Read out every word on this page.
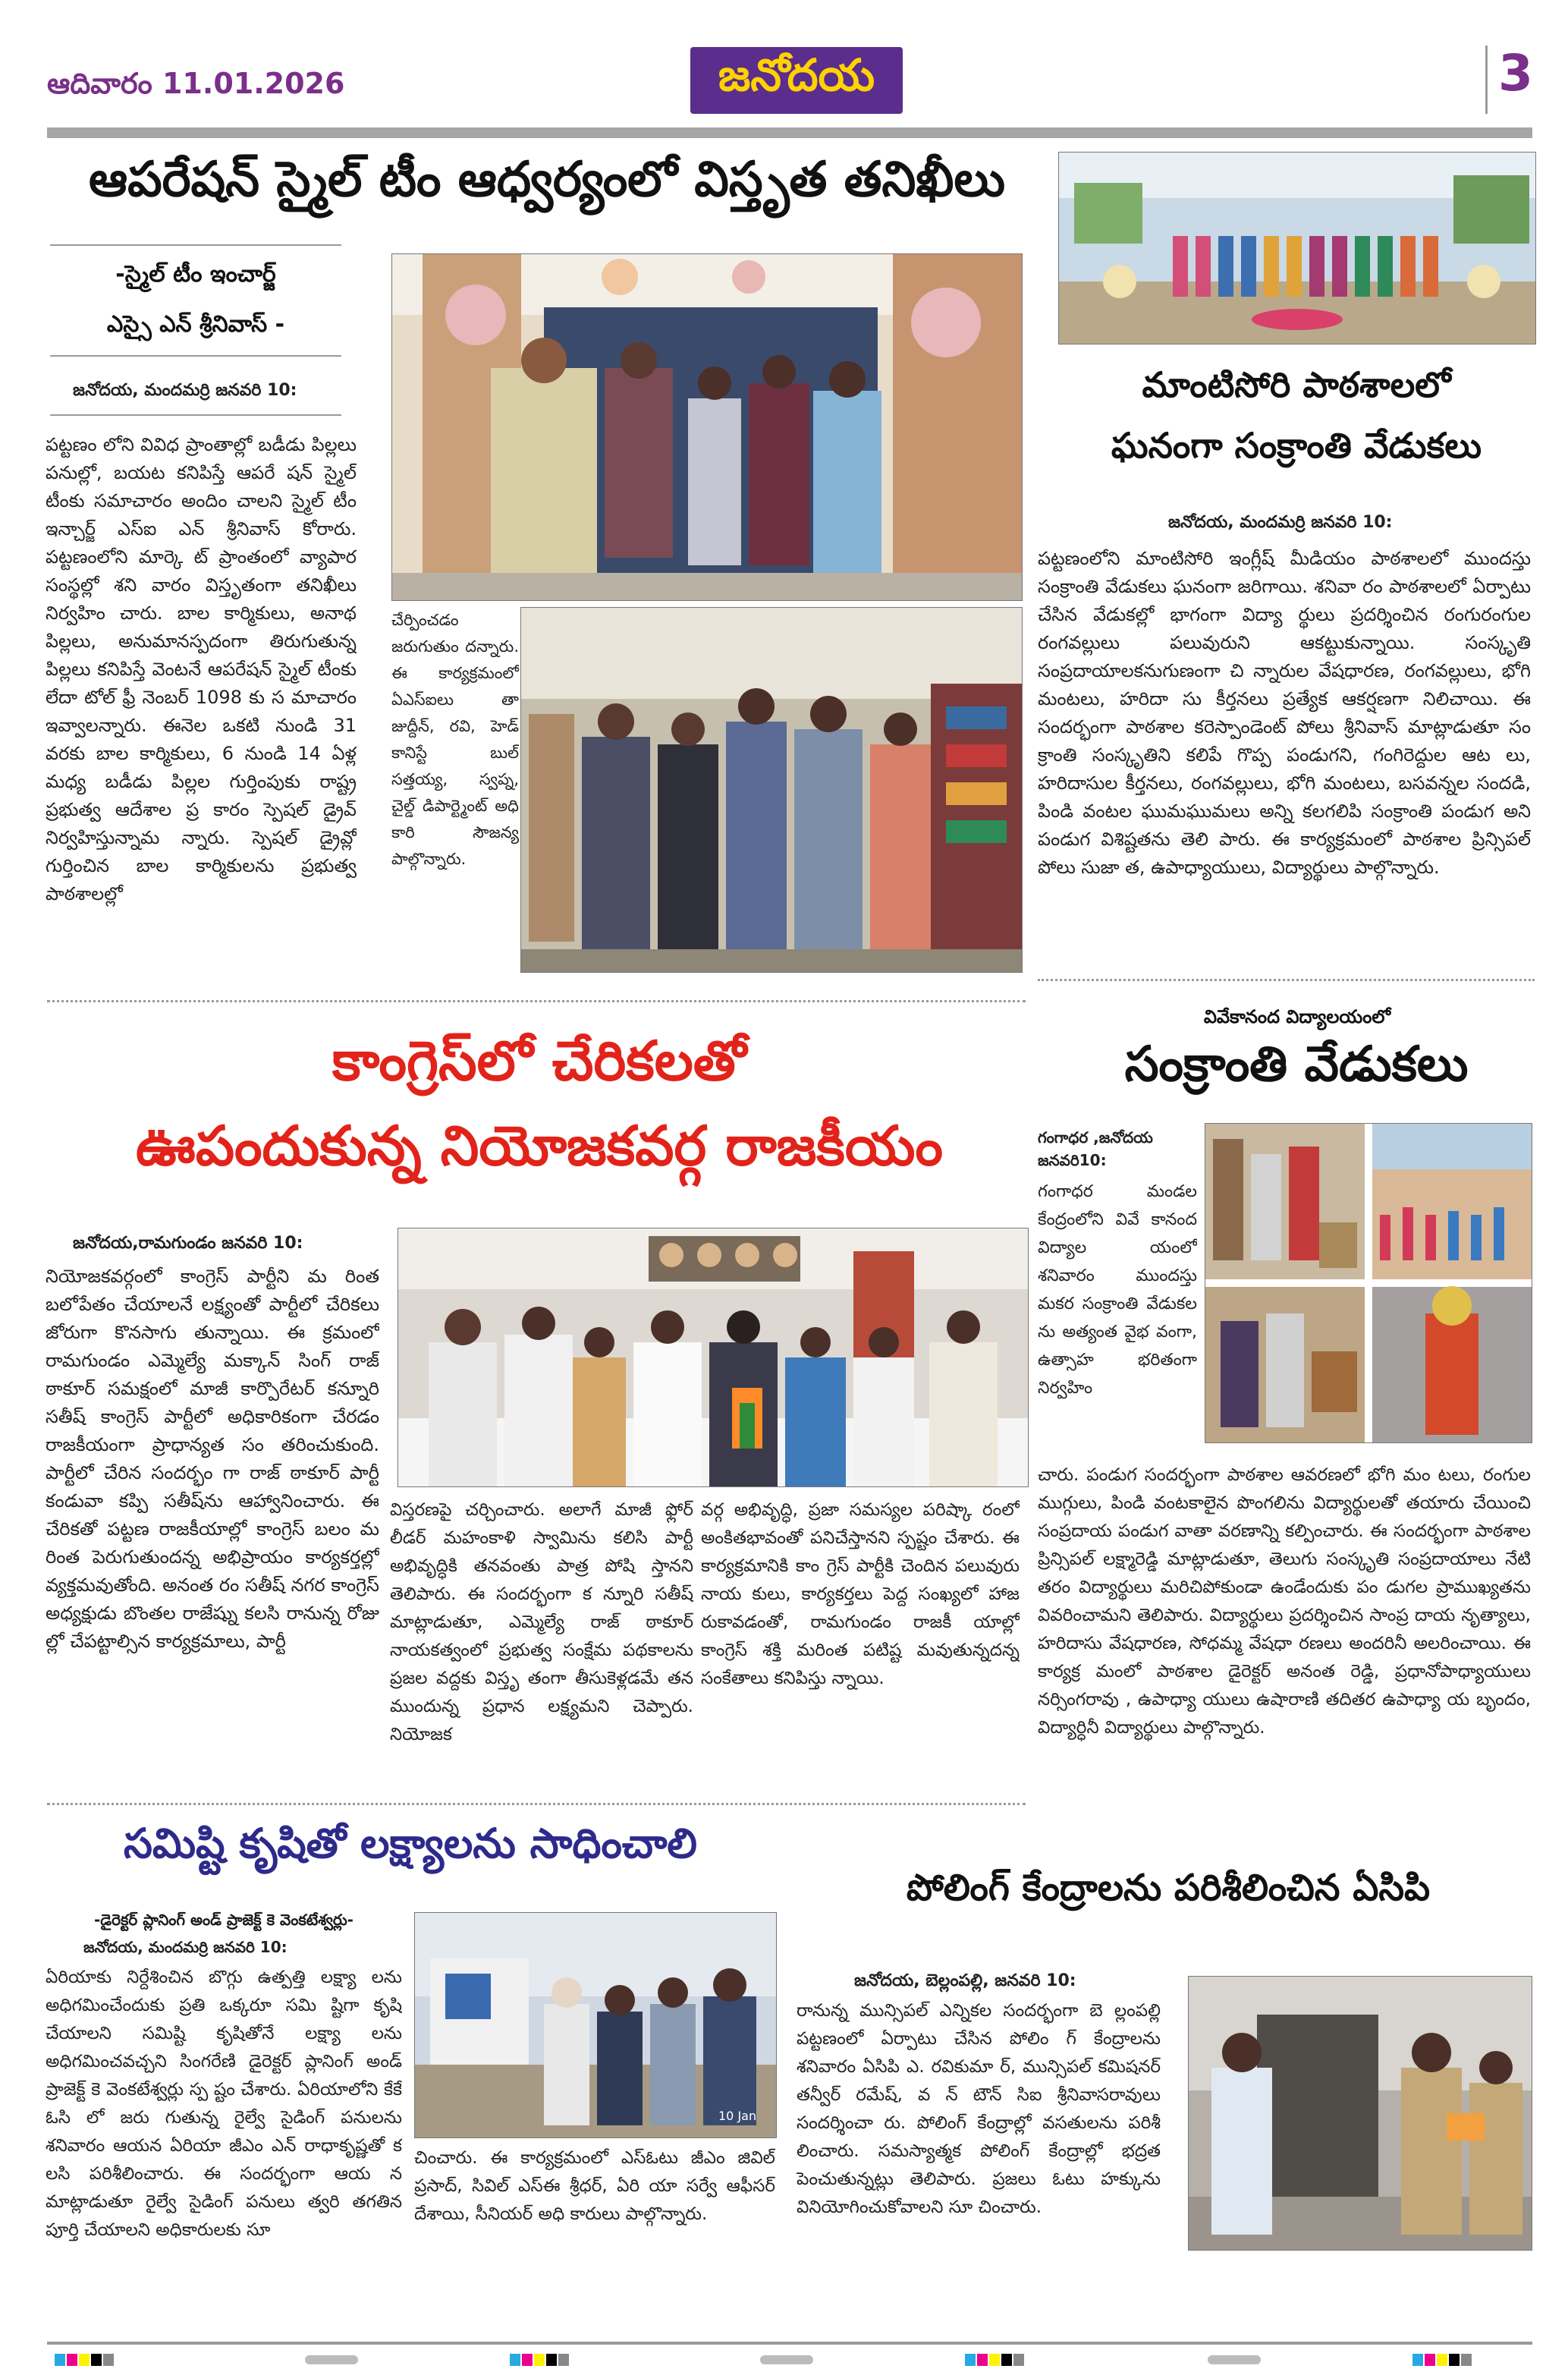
ఆదివారం 11.01.2026	జనోదయ	3
ఆపరేషన్ స్మైల్ టీం ఆధ్వర్యంలో విస్తృత తనిఖీలు
-స్మైల్ టీం ఇంచార్జ్
ఎస్సై ఎన్ శ్రీనివాస్ -
జనోదయ, మందమర్రి జనవరి 10:
పట్టణం లోని వివిధ ప్రాంతాల్లో బడీడు పిల్లలు పనుల్లో, బయట కనిపిస్తే ఆపరే షన్ స్మైల్ టీంకు సమాచారం అందిం చాలని స్మైల్ టీం ఇన్చార్జ్ ఎస్ఐ ఎన్ శ్రీనివాస్ కోరారు. పట్టణంలోని మార్కె ట్ ప్రాంతంలో వ్యాపార సంస్థల్లో శని వారం విస్తృతంగా తనిఖీలు నిర్వహిం చారు. బాల కార్మికులు, అనాథ పిల్లలు, అనుమానస్పదంగా తిరుగుతున్న పిల్లలు కనిపిస్తే వెంటనే ఆపరేషన్ స్మైల్ టీంకు లేదా టోల్ ఫ్రీ నెంబర్ 1098 కు స మాచారం ఇవ్వాలన్నారు. ఈనెల ఒకటి నుండి 31 వరకు బాల కార్మికులు, 6 నుండి 14 ఏళ్ల మధ్య బడీడు పిల్లల గుర్తింపుకు రాష్ట్ర ప్రభుత్వ ఆదేశాల ప్ర కారం స్పెషల్ డ్రైవ్ నిర్వహిస్తున్నామ న్నారు. స్పెషల్ డ్రైవ్లో గుర్తించిన బాల కార్మికులను ప్రభుత్వ పాఠశాలల్లో
చేర్పించడం జరుగుతుం దన్నారు. ఈ కార్యక్రమంలో ఏఎస్ఐలు తా జుద్దీన్, రవి, హెడ్ కానిస్టే బుల్ సత్తయ్య, స్వప్న, చైల్డ్ డిపార్ట్మెంట్ అధి కారి సౌజన్య పాల్గొన్నారు.
మాంటిసోరి పాఠశాలలో
ఘనంగా సంక్రాంతి వేడుకలు
జనోదయ, మందమర్రి జనవరి 10:
పట్టణంలోని మాంటిసోరి ఇంగ్లీష్ మీడియం పాఠశాలలో ముందస్తు సంక్రాంతి వేడుకలు ఘనంగా జరిగాయి. శనివా రం పాఠశాలలో ఏర్పాటు చేసిన వేడుకల్లో భాగంగా విద్యా ర్థులు ప్రదర్శించిన రంగురంగుల రంగవల్లులు పలువురుని ఆకట్టుకున్నాయి. సంస్కృతి సంప్రదాయాలకనుగుణంగా చి న్నారుల వేషధారణ, రంగవల్లులు, భోగి మంటలు, హరిదా సు కీర్తనలు ప్రత్యేక ఆకర్షణగా నిలిచాయి. ఈ సందర్భంగా పాఠశాల కరెస్పాండెంట్ పోలు శ్రీనివాస్ మాట్లాడుతూ సం క్రాంతి సంస్కృతిని కలిపే గొప్ప పండుగని, గంగిరెద్దుల ఆట లు, హరిదాసుల కీర్తనలు, రంగవల్లులు, భోగి మంటలు, బసవన్నల సందడి, పిండి వంటల ఘుమఘుమలు అన్ని కలగలిపి సంక్రాంతి పండుగ అని పండుగ విశిష్టతను తెలి పారు. ఈ కార్యక్రమంలో పాఠశాల ప్రిన్సిపల్ పోలు సుజా త, ఉపాధ్యాయులు, విద్యార్థులు పాల్గొన్నారు.
కాంగ్రెస్‌లో చేరికలతో
ఊపందుకున్న నియోజకవర్గ రాజకీయం
జనోదయ,రామగుండం జనవరి 10:
నియోజకవర్గంలో కాంగ్రెస్ పార్టీని మ రింత బలోపేతం చేయాలనే లక్ష్యంతో పార్టీలో చేరికలు జోరుగా కొనసాగు తున్నాయి. ఈ క్రమంలో రామగుండం ఎమ్మెల్యే మక్కాన్ సింగ్ రాజ్ ఠాకూర్ సమక్షంలో మాజీ కార్పొరేటర్ కన్నూరి సతీష్ కాంగ్రెస్ పార్టీలో అధికారికంగా చేరడం రాజకీయంగా ప్రాధాన్యత సం తరించుకుంది. పార్టీలో చేరిన సందర్భం గా రాజ్ ఠాకూర్ పార్టీ కండువా కప్పి సతీష్‌ను ఆహ్వానించారు. ఈ చేరికతో పట్టణ రాజకీయాల్లో కాంగ్రెస్ బలం మ రింత పెరుగుతుందన్న అభిప్రాయం కార్యకర్తల్లో వ్యక్తమవుతోంది. అనంత రం సతీష్ నగర కాంగ్రెస్ అధ్యక్షుడు బొంతల రాజేష్ను కలసి రానున్న రోజు ల్లో చేపట్టాల్సిన కార్యక్రమాలు, పార్టీ
విస్తరణపై చర్చించారు. అలాగే మాజీ ఫ్లోర్ లీడర్ మహంకాళి స్వామిను కలిసి పార్టీ అభివృద్ధికి తనవంతు పాత్ర పోషి స్తానని తెలిపారు. ఈ సందర్భంగా క న్నూరి సతీష్ మాట్లాడుతూ, ఎమ్మెల్యే రాజ్ ఠాకూర్ నాయకత్వంలో ప్రభుత్వ సంక్షేమ పథకాలను ప్రజల వద్దకు విస్తృ తంగా తీసుకెళ్లడమే తన ముందున్న ప్రధాన లక్ష్యమని చెప్పారు. నియోజక
వర్గ అభివృద్ధి, ప్రజా సమస్యల పరిష్కా రంలో అంకితభావంతో పనిచేస్తానని స్పష్టం చేశారు. ఈ కార్యక్రమానికి కాం గ్రెస్ పార్టీకి చెందిన పలువురు నాయ కులు, కార్యకర్తలు పెద్ద సంఖ్యలో హాజ రుకావడంతో, రామగుండం రాజకీ యాల్లో కాంగ్రెస్ శక్తి మరింత పటిష్ట మవుతున్నదన్న సంకేతాలు కనిపిస్తు న్నాయి.
వివేకానంద విద్యాలయంలో
సంక్రాంతి వేడుకలు
గంగాధర ,జనోదయ జనవరి10:
గంగాధర మండల కేంద్రంలోని వివే కానంద విద్యాల యంలో శనివారం ముందస్తు మకర సంక్రాంతి వేడుకల ను అత్యంత వైభ వంగా, ఉత్సాహ భరితంగా నిర్వహిం
చారు. పండుగ సందర్భంగా పాఠశాల ఆవరణలో భోగి మం టలు, రంగుల ముగ్గులు, పిండి వంటకాలైన పొంగలిను విద్యార్థులతో తయారు చేయించి సంప్రదాయ పండుగ వాతా వరణాన్ని కల్పించారు. ఈ సందర్భంగా పాఠశాల ప్రిన్సిపల్ లక్ష్మారెడ్డి మాట్లాడుతూ, తెలుగు సంస్కృతి సంప్రదాయాలు నేటి తరం విద్యార్థులు మరిచిపోకుండా ఉండేందుకు పం డుగల ప్రాముఖ్యతను వివరించామని తెలిపారు. విద్యార్థులు ప్రదర్శించిన సాంప్ర దాయ నృత్యాలు, హరిదాసు వేషధారణ, సోధమ్మ వేషధా రణలు అందరినీ అలరించాయి. ఈ కార్యక్ర మంలో పాఠశాల డైరెక్టర్ అనంత రెడ్డి, ప్రధానోపాధ్యాయులు నర్సింగరావు , ఉపాధ్యా యులు ఉషారాణి తదితర ఉపాధ్యా య బృందం, విద్యార్ధినీ విద్యార్థులు పాల్గొన్నారు.
సమిష్టి కృషితో లక్ష్యాలను సాధించాలి
-డైరెక్టర్ ప్లానింగ్ అండ్ ప్రాజెక్ట్ కె వెంకటేశ్వర్లు-
జనోదయ, మందమర్రి జనవరి 10:
ఏరియాకు నిర్దేశించిన బొగ్గు ఉత్పత్తి లక్ష్యా లను అధిగమించేందుకు ప్రతి ఒక్కరూ సమి ష్టిగా కృషి చేయాలని సమిష్టి కృషితోనే లక్ష్యా లను అధిగమించవచ్చని సింగరేణి డైరెక్టర్ ప్లానింగ్ అండ్ ప్రాజెక్ట్ కె వెంకటేశ్వర్లు స్ప ష్టం చేశారు. ఏరియాలోని కేకే ఓసి లో జరు గుతున్న రైల్వే సైడింగ్ పనులను శనివారం ఆయన ఏరియా జీఎం ఎన్ రాధాకృష్ణతో క లసి పరిశీలించారు. ఈ సందర్భంగా ఆయ న మాట్లాడుతూ రైల్వే సైడింగ్ పనులు త్వరి తగతిన పూర్తి చేయాలని అధికారులకు సూ
10 Jan
చించారు. ఈ కార్యక్రమంలో ఎస్ఓటు జీఎం జివిల్ ప్రసాద్, సివిల్ ఎస్ఈ శ్రీధర్, ఏరి యా సర్వే ఆఫీసర్ దేశాయి, సీనియర్ అధి కారులు పాల్గొన్నారు.
పోలింగ్ కేంద్రాలను పరిశీలించిన ఏసిపి
జనోదయ, బెల్లంపల్లి, జనవరి 10:
రానున్న మున్సిపల్ ఎన్నికల సందర్భంగా బె ల్లంపల్లి పట్టణంలో ఏర్పాటు చేసిన పోలిం గ్ కేంద్రాలను శనివారం ఏసిపి ఎ. రవికుమా ర్, మున్సిపల్ కమిషనర్ తన్వీర్ రమేష్, వ న్ టౌన్ సిఐ శ్రీనివాసరావులు సందర్శించా రు. పోలింగ్ కేంద్రాల్లో వసతులను పరిశీ లించారు. సమస్యాత్మక పోలింగ్ కేంద్రాల్లో భద్రత పెంచుతున్నట్లు తెలిపారు. ప్రజలు ఓటు హక్కును వినియోగించుకోవాలని సూ చించారు.
